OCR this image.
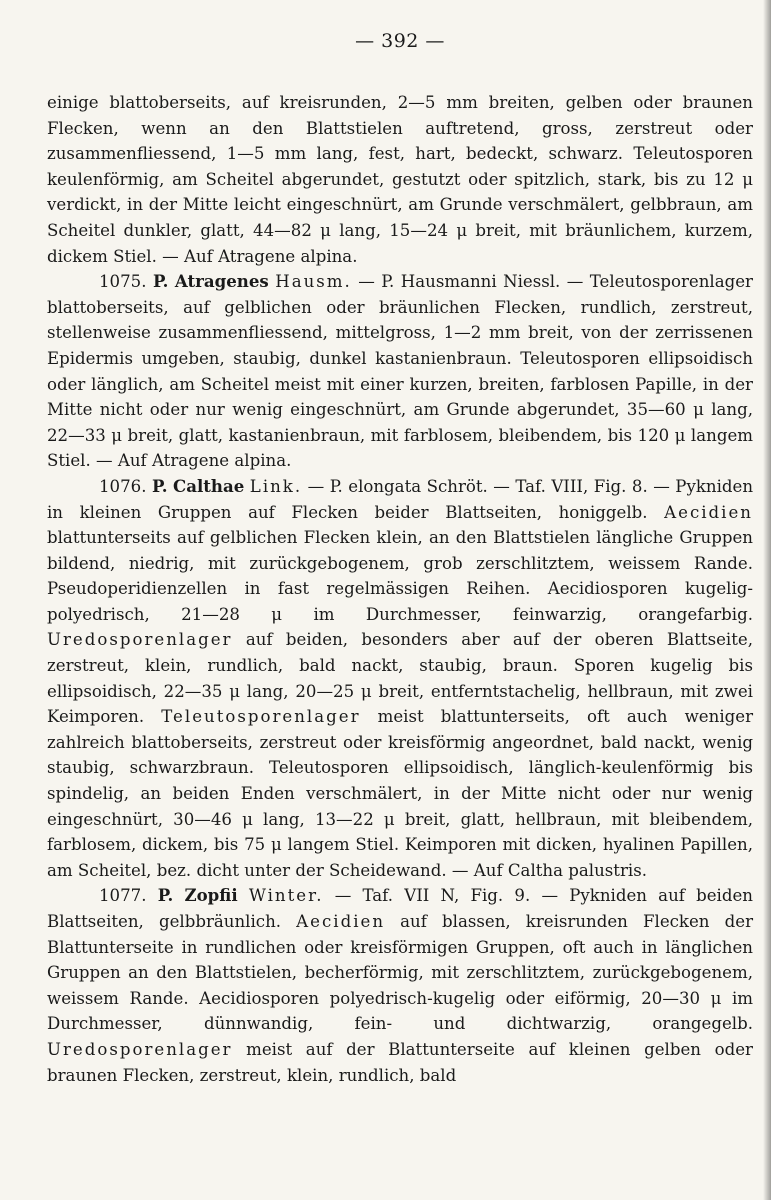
— 392 —

einige blattoberseits, auf kreisrunden, 2—5 mm breiten, gelben oder braunen Flecken, wenn an den Blattstielen auftretend, gross, zerstreut oder zusammenfliessend, 1—5 mm lang, fest, hart, bedeckt, schwarz. Teleutosporen keulenförmig, am Scheitel abgerundet, gestutzt oder spitzlich, stark, bis zu 12 μ verdickt, in der Mitte leicht eingeschnürt, am Grunde verschmälert, gelbbraun, am Scheitel dunkler, glatt, 44—82 μ lang, 15—24 μ breit, mit bräunlichem, kurzem, dickem Stiel. — Auf Atragene alpina.

1075. P. Atragenes Hausm. — P. Hausmanni Niessl. — Teleutosporenlager blattoberseits, auf gelblichen oder bräunlichen Flecken, rundlich, zerstreut, stellenweise zusammenfliessend, mittelgross, 1—2 mm breit, von der zerrissenen Epidermis umgeben, staubig, dunkel kastanienbraun. Teleutosporen ellipsoidisch oder länglich, am Scheitel meist mit einer kurzen, breiten, farblosen Papille, in der Mitte nicht oder nur wenig eingeschnürt, am Grunde abgerundet, 35—60 μ lang, 22—33 μ breit, glatt, kastanienbraun, mit farblosem, bleibendem, bis 120 μ langem Stiel. — Auf Atragene alpina.

1076. P. Calthae Link. — P. elongata Schröt. — Taf. VIII, Fig. 8. — Pykniden in kleinen Gruppen auf Flecken beider Blattseiten, honiggelb. Aecidien blattunterseits auf gelblichen Flecken klein, an den Blattstielen längliche Gruppen bildend, niedrig, mit zurückgebogenem, grob zerschlitztem, weissem Rande. Pseudoperidienzellen in fast regelmässigen Reihen. Aecidiosporen kugelig-polyedrisch, 21—28 μ im Durchmesser, feinwarzig, orangefarbig. Uredosporenlager auf beiden, besonders aber auf der oberen Blattseite, zerstreut, klein, rundlich, bald nackt, staubig, braun. Sporen kugelig bis ellipsoidisch, 22—35 μ lang, 20—25 μ breit, entferntstachelig, hellbraun, mit zwei Keimporen. Teleutosporenlager meist blattunterseits, oft auch weniger zahlreich blattoberseits, zerstreut oder kreisförmig angeordnet, bald nackt, wenig staubig, schwarzbraun. Teleutosporen ellipsoidisch, länglich-keulenförmig bis spindelig, an beiden Enden verschmälert, in der Mitte nicht oder nur wenig eingeschnürt, 30—46 μ lang, 13—22 μ breit, glatt, hellbraun, mit bleibendem, farblosem, dickem, bis 75 μ langem Stiel. Keimporen mit dicken, hyalinen Papillen, am Scheitel, bez. dicht unter der Scheidewand. — Auf Caltha palustris.

1077. P. Zopfii Winter. — Taf. VII N, Fig. 9. — Pykniden auf beiden Blattseiten, gelbbräunlich. Aecidien auf blassen, kreisrunden Flecken der Blattunterseite in rundlichen oder kreisförmigen Gruppen, oft auch in länglichen Gruppen an den Blattstielen, becherförmig, mit zerschlitztem, zurückgebogenem, weissem Rande. Aecidiosporen polyedrisch-kugelig oder eiförmig, 20—30 μ im Durchmesser, dünnwandig, fein- und dichtwarzig, orangegelb. Uredosporenlager meist auf der Blattunterseite auf kleinen gelben oder braunen Flecken, zerstreut, klein, rundlich, bald
